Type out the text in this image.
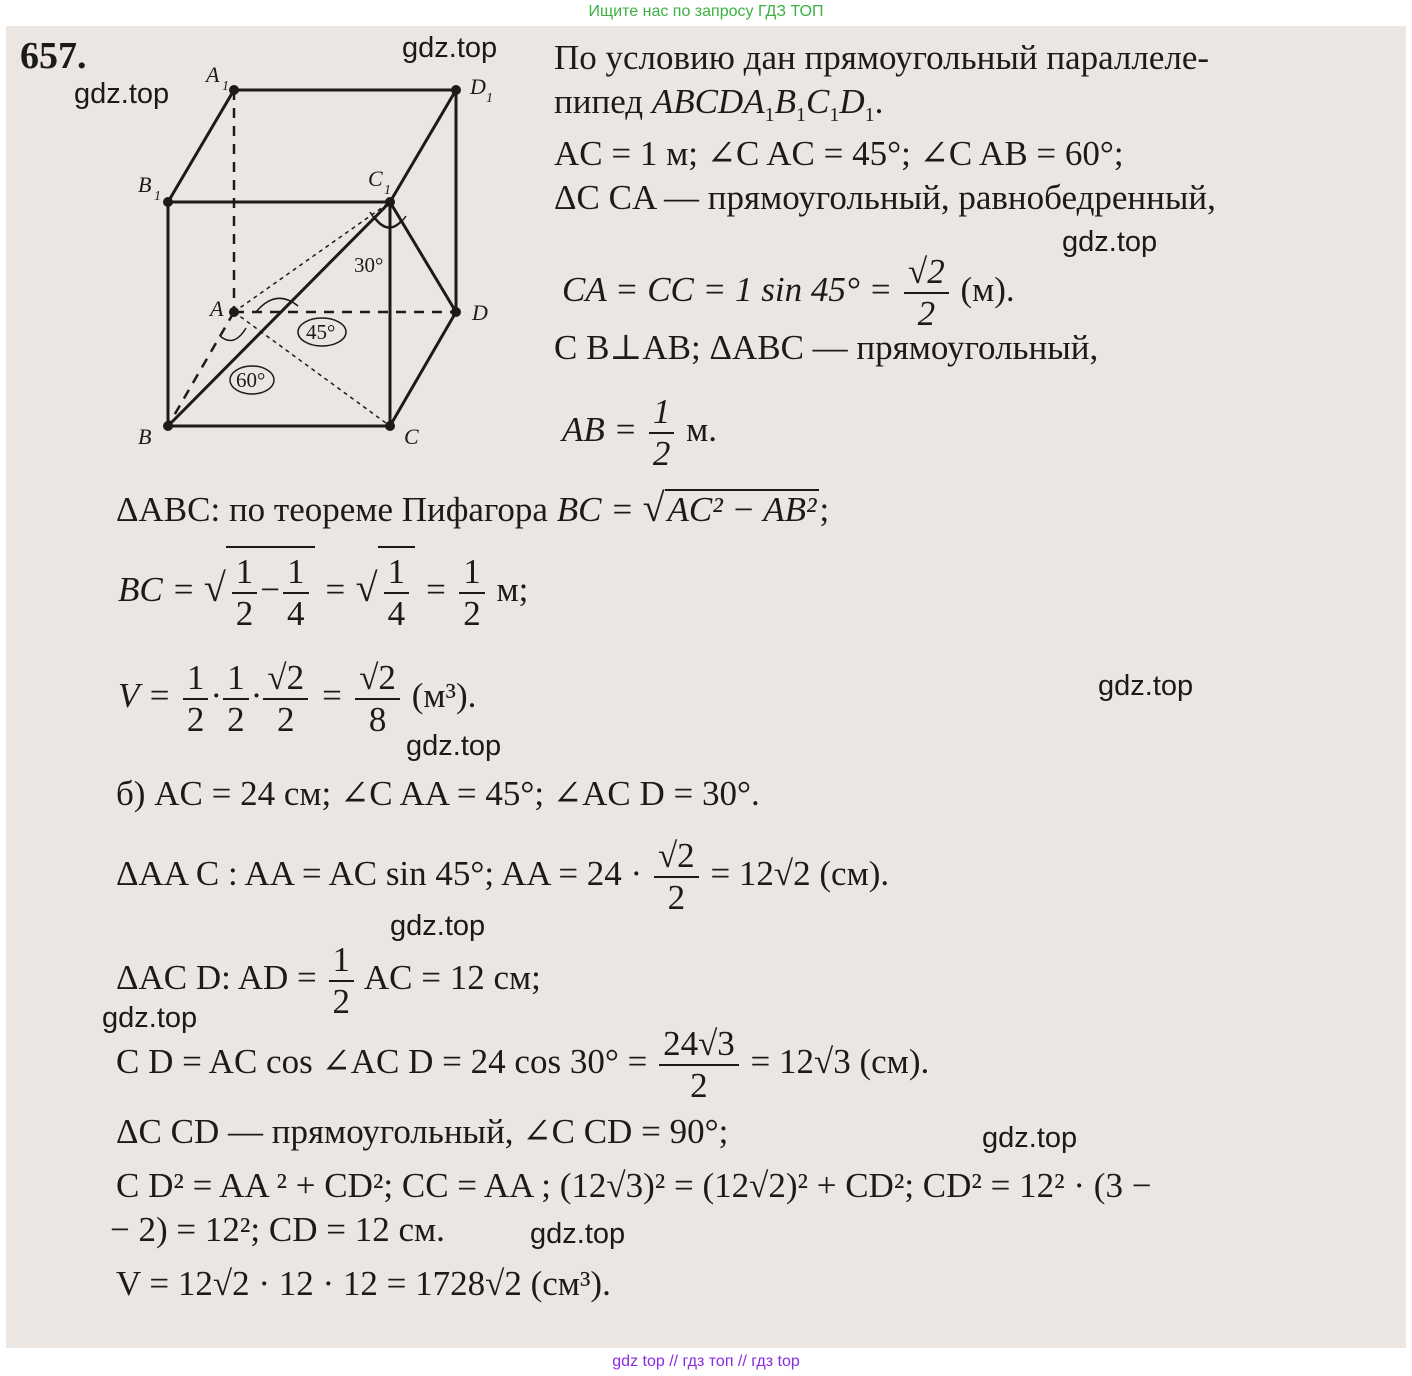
Ищите нас по запросу ГДЗ ТОП
657.	A 1	D 1
B 1
C 1
A	D
B	C
30°
45°
60°
По условию дан прямоугольный параллеле-
пипед $ABCDA_1B_1C_1D_1$.
AC = 1 м; ∠C AC = 45°; ∠C AB = 60°;
ΔC CA — прямоугольный, равнобедренный,
CA = CC = 1 $\sin 45^\circ = \frac{√2}{2} (м)$.
C B⊥AB; ΔABC — прямоугольный,
AB = $\frac{1}{2} м$.
ΔABC: по теореме Пифагора BC = √AC² − AB²;
BC = √ $\frac{1}{2} - \frac{1}{4}$ = √ $\frac{1}{4} = \frac{1}{2} м$;
$V = \frac{1}{2} \cdot \frac{1}{2} \cdot \frac{√2}{2} = \frac{√2}{8} (м^3)$.
б) AC = 24 см; ∠C AA = 45°; ∠AC D = 30°.
ΔAA C : AA = AC sin 45°; AA = $24 \cdot \frac{√2}{2} = 12√2$ (см).
ΔAC D: AD = $\frac{1}{2}$ AC = 12 см;
C D = AC cos ∠AC D = 24 $\cos 30^\circ = \frac{24√3}{2} = 12√3$ (см).
ΔC CD — прямоугольный, ∠C CD = 90°;
C D² = AA ² + CD²; CC = AA ; (12√3)² = (12√2)² + CD²; CD² = 12² · (3 −
− 2) = 12²; CD = 12 см.
V = 12√2 · 12 · 12 = 1728√2 (см³).
gdz.top
gdz.top
gdz.top
gdz.top
gdz.top
gdz.top
gdz.top
gdz.top
gdz.top
gdz top // гдз топ // гдз top
